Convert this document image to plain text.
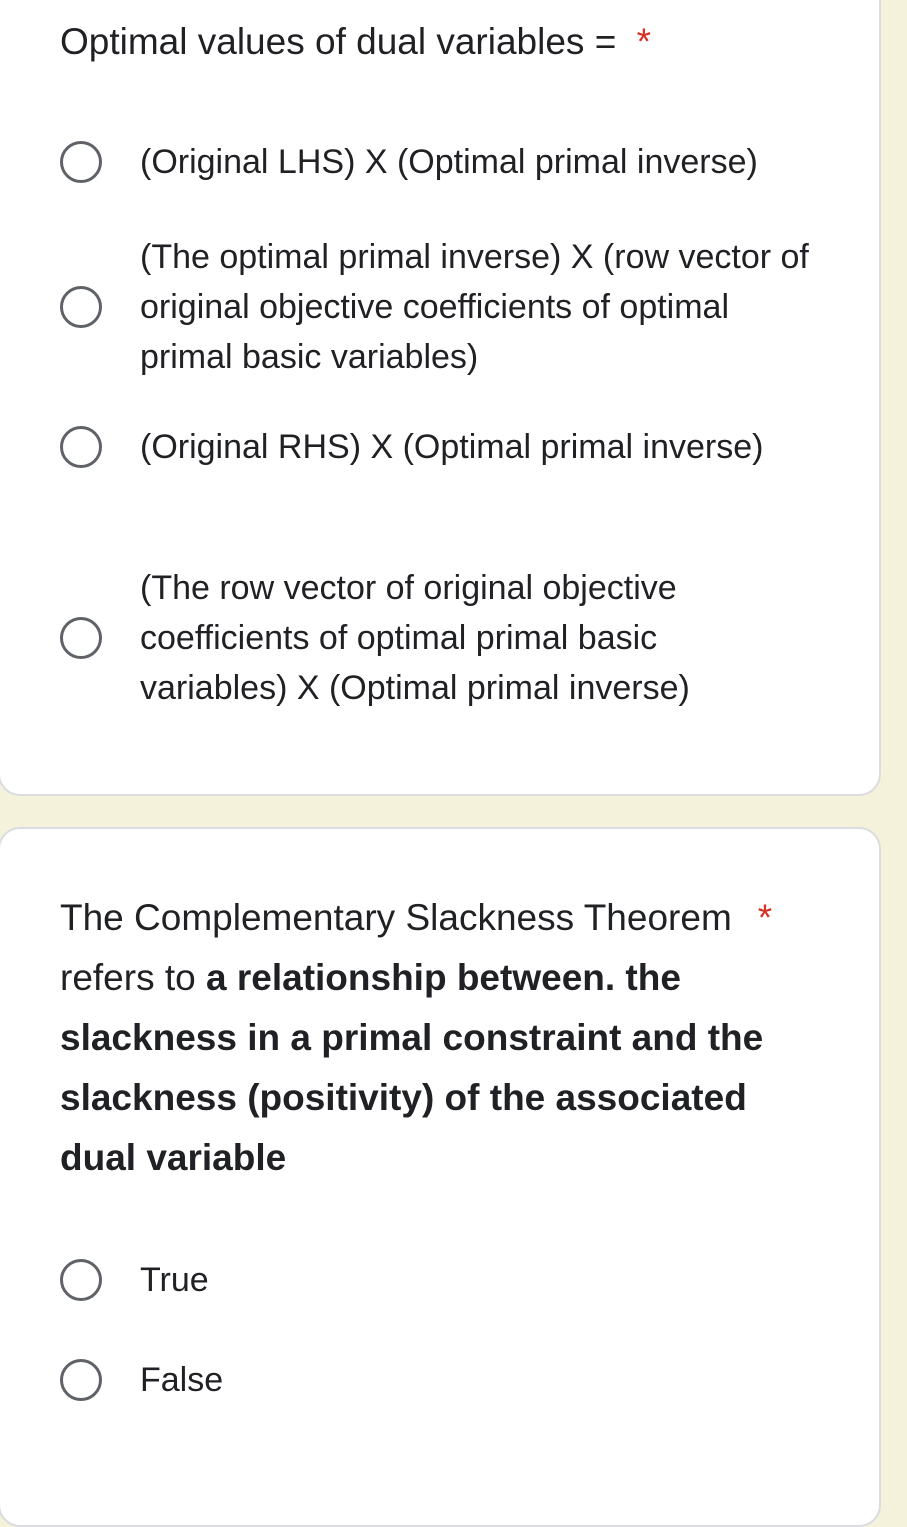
Optimal values of dual variables = *
(Original LHS) X (Optimal primal inverse)
(The optimal primal inverse) X (row vector of original objective coefficients of optimal primal basic variables)
(Original RHS) X (Optimal primal inverse)
(The row vector of original objective coefficients of optimal primal basic variables) X (Optimal primal inverse)
The Complementary Slackness Theorem *
refers to a relationship between. the slackness in a primal constraint and the slackness (positivity) of the associated dual variable
True
False
